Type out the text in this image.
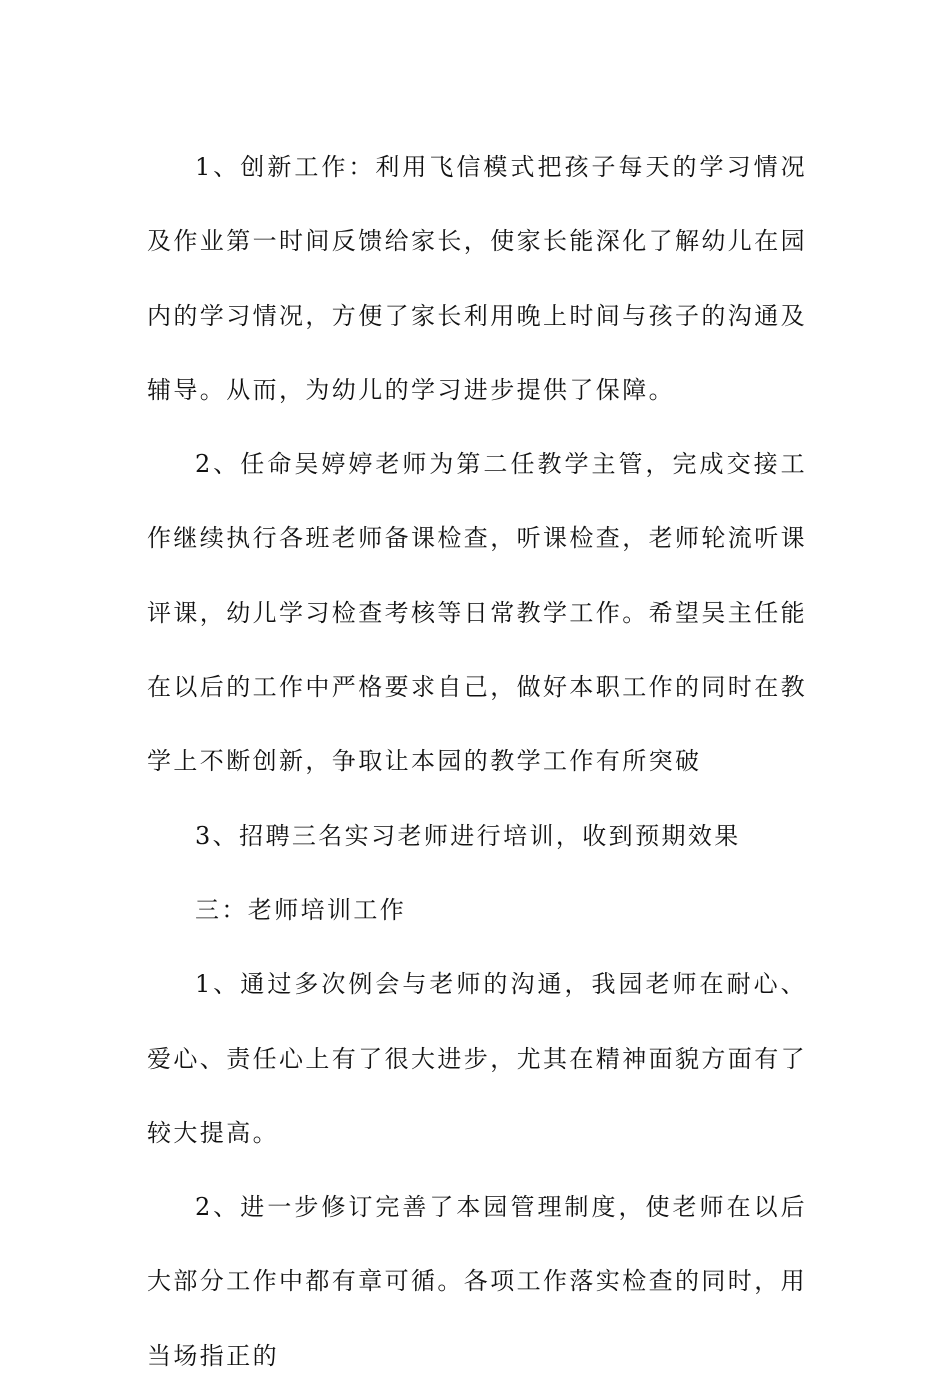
1、创新工作：利用飞信模式把孩子每天的学习情况及作业第一时间反馈给家长，使家长能深化了解幼儿在园内的学习情况，方便了家长利用晚上时间与孩子的沟通及辅导。从而，为幼儿的学习进步提供了保障。

2、任命吴婷婷老师为第二任教学主管，完成交接工作继续执行各班老师备课检查，听课检查，老师轮流听课评课，幼儿学习检查考核等日常教学工作。希望吴主任能在以后的工作中严格要求自己，做好本职工作的同时在教学上不断创新，争取让本园的教学工作有所突破

3、招聘三名实习老师进行培训，收到预期效果

三：老师培训工作

1、通过多次例会与老师的沟通，我园老师在耐心、爱心、责任心上有了很大进步，尤其在精神面貌方面有了较大提高。

2、进一步修订完善了本园管理制度，使老师在以后大部分工作中都有章可循。各项工作落实检查的同时，用当场指正的
